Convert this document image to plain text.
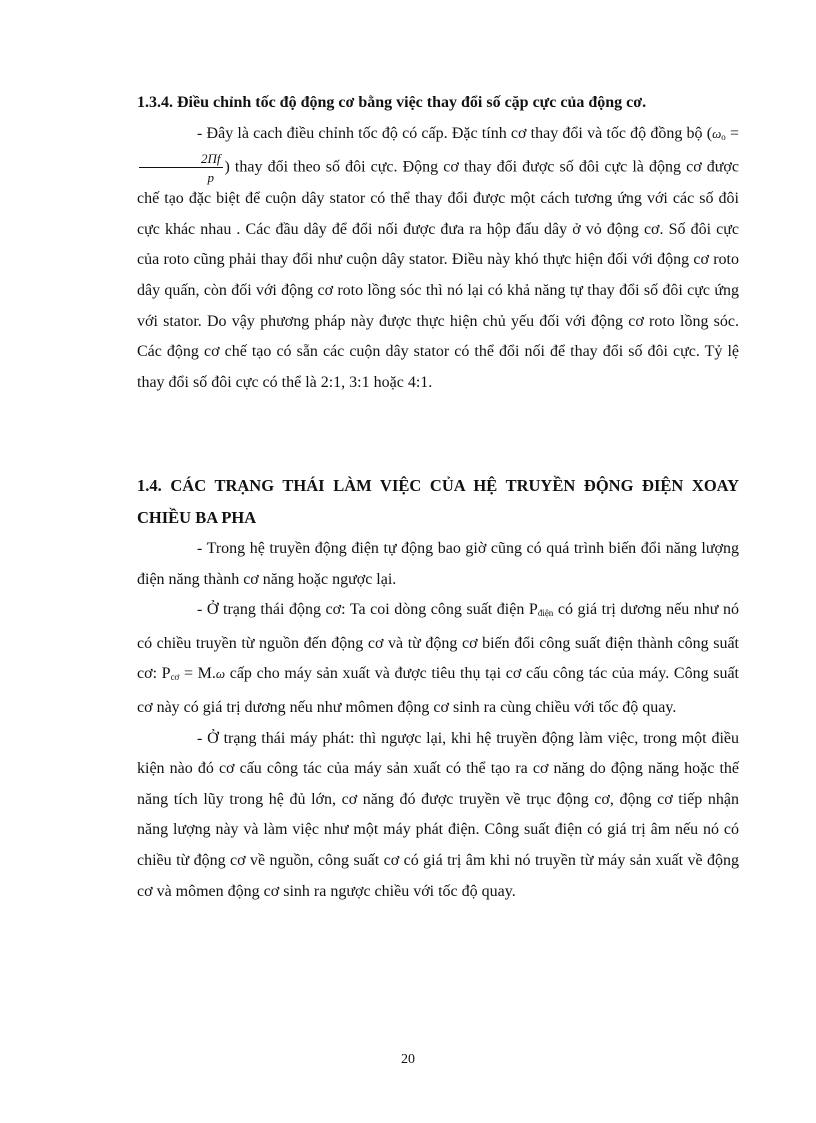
1.3.4. Điều chỉnh tốc độ động cơ bằng việc thay đổi số cặp cực của động cơ.

- Đây là cach điều chỉnh tốc độ có cấp. Đặc tính cơ thay đổi và tốc độ đồng bộ ($\omega_o$ =
$\frac{2\Pi f}{p}$ ) thay đổi theo số đôi cực. Động cơ thay đổi được số đôi cực là động cơ được chế tạo đặc biệt để cuộn dây stator có thể thay đổi được một cách tương ứng với các số đôi cực khác nhau . Các đầu dây để đổi nối được đưa ra hộp đấu dây ở vỏ động cơ. Số đôi cực của roto cũng phải thay đổi như cuộn dây stator. Điều này khó thực hiện đối với động cơ roto dây quấn, còn đối với động cơ roto lồng sóc thì nó lại có khả năng tự thay đổi số đôi cực ứng với stator. Do vậy phương pháp này được thực hiện chủ yếu đối với động cơ roto lồng sóc. Các động cơ chế tạo có sẵn các cuộn dây stator có thể đổi nối để thay đổi số đôi cực. Tỷ lệ thay đổi số đôi cực có thể là 2:1, 3:1 hoặc 4:1.

1.4. CÁC TRẠNG THÁI LÀM VIỆC CỦA HỆ TRUYỀN ĐỘNG ĐIỆN XOAY CHIỀU BA PHA

- Trong hệ truyền động điện tự động bao giờ cũng có quá trình biến đổi năng lượng điện năng thành cơ năng hoặc ngược lại.

- Ở trạng thái động cơ: Ta coi dòng công suất điện $P_{điện}$ có giá trị dương nếu như nó có chiều truyền từ nguồn đến động cơ và từ động cơ biến đổi công suất điện thành công suất cơ: $P_{cơ} = M.\omega$ cấp cho máy sản xuất và được tiêu thụ tại cơ cấu công tác của máy. Công suất cơ này có giá trị dương nếu như mômen động cơ sinh ra cùng chiều với tốc độ quay.

- Ở trạng thái máy phát: thì ngược lại, khi hệ truyền động làm việc, trong một điều kiện nào đó cơ cấu công tác của máy sản xuất có thể tạo ra cơ năng do động năng hoặc thế năng tích lũy trong hệ đủ lớn, cơ năng đó được truyền về trục động cơ, động cơ tiếp nhận năng lượng này và làm việc như một máy phát điện. Công suất điện có giá trị âm nếu nó có chiều từ động cơ về nguồn, công suất cơ có giá trị âm khi nó truyền từ máy sản xuất về động cơ và mômen động cơ sinh ra ngược chiều với tốc độ quay.

20
